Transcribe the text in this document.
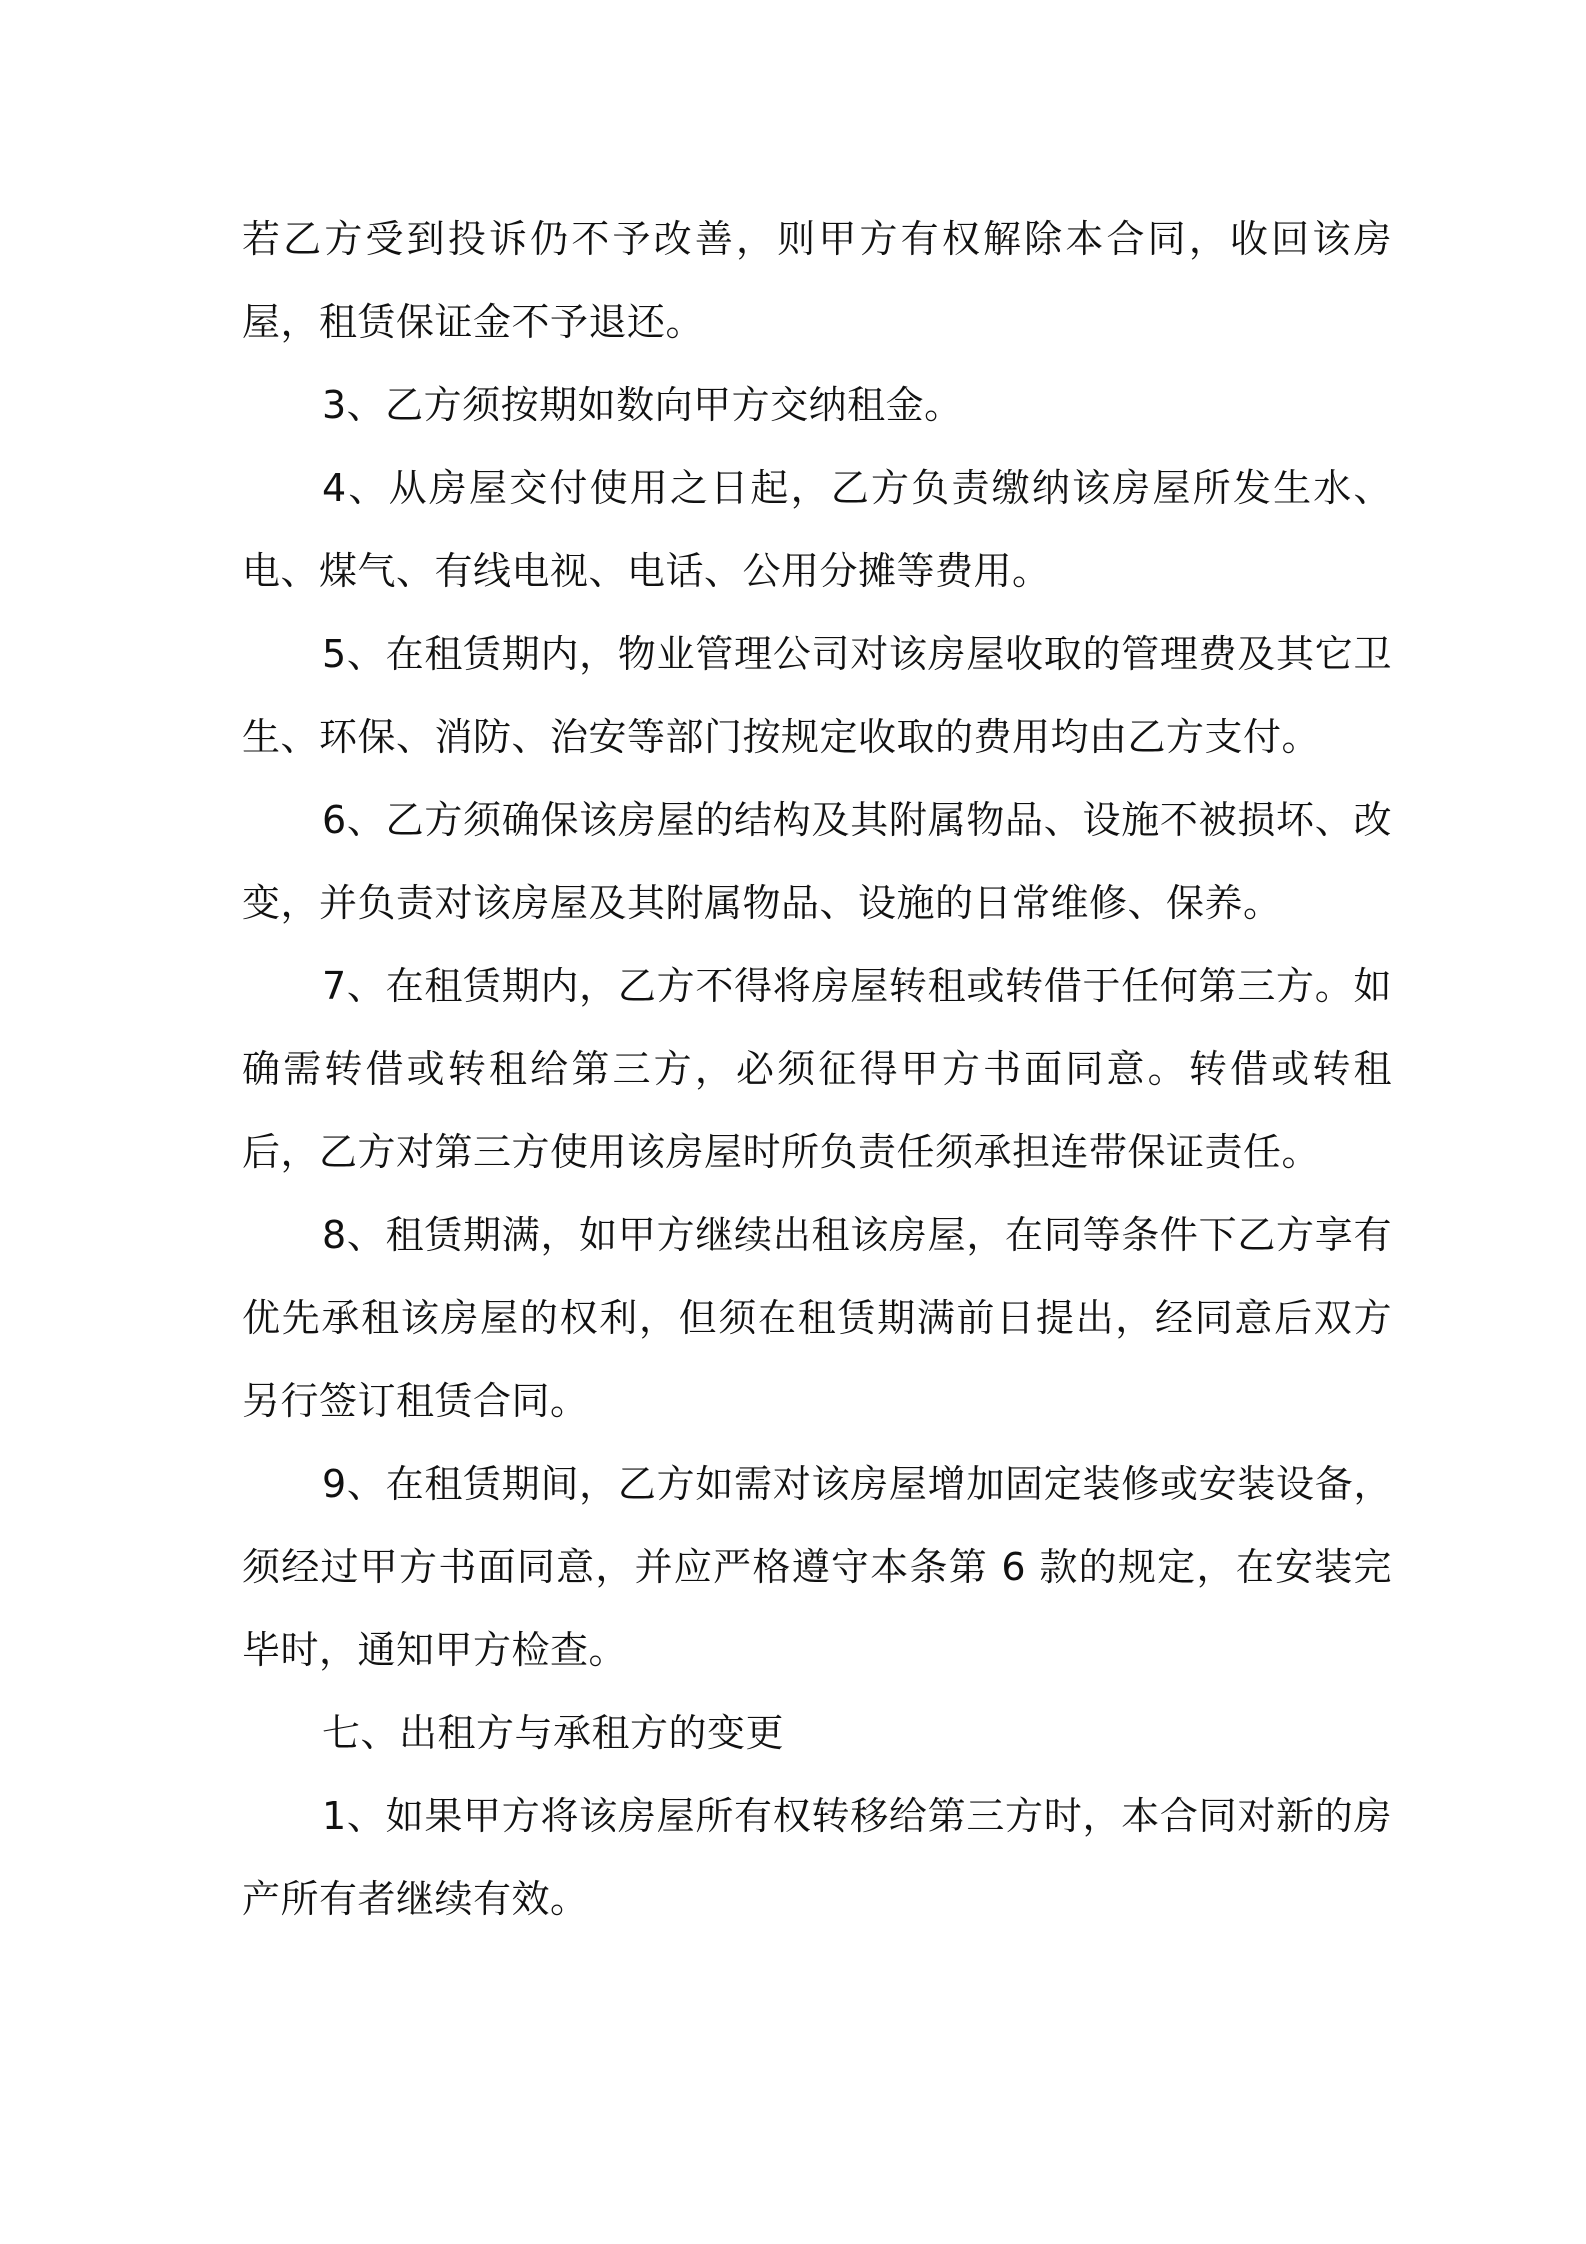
若乙方受到投诉仍不予改善，则甲方有权解除本合同，收回该房屋，租赁保证金不予退还。

3、乙方须按期如数向甲方交纳租金。

4、从房屋交付使用之日起，乙方负责缴纳该房屋所发生水、电、煤气、有线电视、电话、公用分摊等费用。

5、在租赁期内，物业管理公司对该房屋收取的管理费及其它卫生、环保、消防、治安等部门按规定收取的费用均由乙方支付。

6、乙方须确保该房屋的结构及其附属物品、设施不被损坏、改变，并负责对该房屋及其附属物品、设施的日常维修、保养。

7、在租赁期内，乙方不得将房屋转租或转借于任何第三方。如确需转借或转租给第三方，必须征得甲方书面同意。转借或转租后，乙方对第三方使用该房屋时所负责任须承担连带保证责任。

8、租赁期满，如甲方继续出租该房屋，在同等条件下乙方享有优先承租该房屋的权利，但须在租赁期满前日提出，经同意后双方另行签订租赁合同。

9、在租赁期间，乙方如需对该房屋增加固定装修或安装设备，须经过甲方书面同意，并应严格遵守本条第 6 款的规定，在安装完毕时，通知甲方检查。

七、出租方与承租方的变更

1、如果甲方将该房屋所有权转移给第三方时，本合同对新的房产所有者继续有效。
